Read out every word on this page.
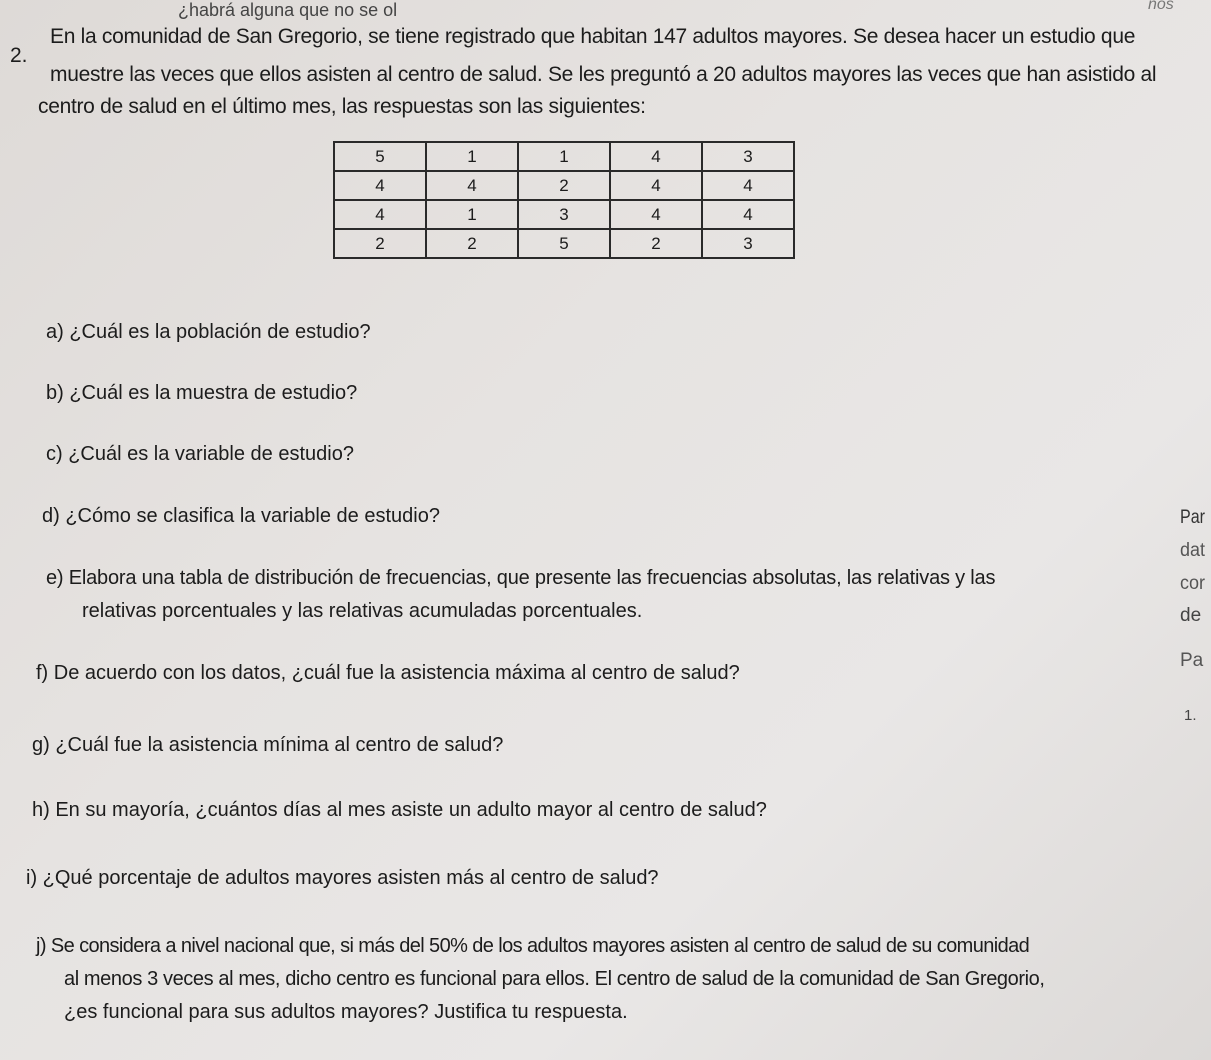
¿habrá alguna que no se ol	nos
2.
En la comunidad de San Gregorio, se tiene registrado que habitan 147 adultos mayores. Se desea hacer un estudio que
muestre las veces que ellos asisten al centro de salud. Se les preguntó a 20 adultos mayores las veces que han asistido al
centro de salud en el último mes, las respuestas son las siguientes:
5	1	1	4	3
4	4	2	4	4
4	1	3	4	4
2	2	5	2	3
a) ¿Cuál es la población de estudio?
b) ¿Cuál es la muestra de estudio?
c) ¿Cuál es la variable de estudio?
d) ¿Cómo se clasifica la variable de estudio?
e) Elabora una tabla de distribución de frecuencias, que presente las frecuencias absolutas, las relativas y las
relativas porcentuales y las relativas acumuladas porcentuales.
f) De acuerdo con los datos, ¿cuál fue la asistencia máxima al centro de salud?
g) ¿Cuál fue la asistencia mínima al centro de salud?
h) En su mayoría, ¿cuántos días al mes asiste un adulto mayor al centro de salud?
i) ¿Qué porcentaje de adultos mayores asisten más al centro de salud?
j) Se considera a nivel nacional que, si más del 50% de los adultos mayores asisten al centro de salud de su comunidad
al menos 3 veces al mes, dicho centro es funcional para ellos. El centro de salud de la comunidad de San Gregorio,
¿es funcional para sus adultos mayores? Justifica tu respuesta.
Par
dat
cor
de
Pa
1.
